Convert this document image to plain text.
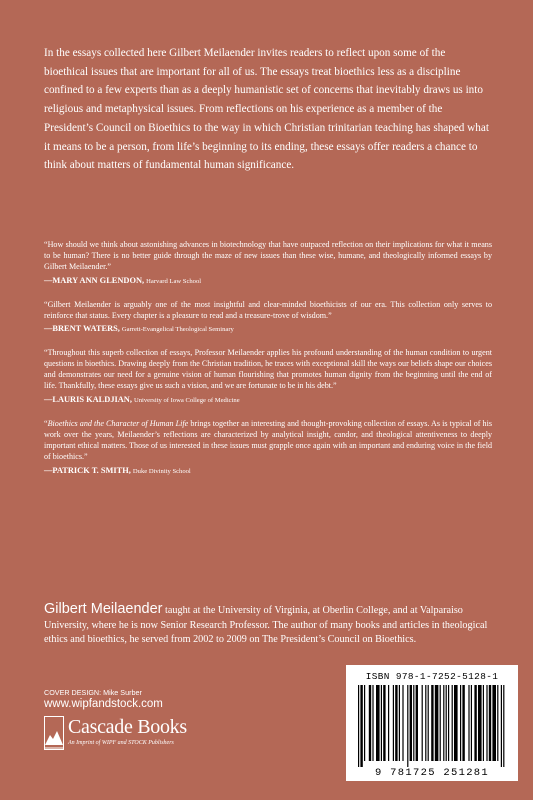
In the essays collected here Gilbert Meilaender invites readers to reflect upon some of the bioethical issues that are important for all of us. The essays treat bioethics less as a discipline confined to a few experts than as a deeply humanistic set of concerns that inevitably draws us into religious and metaphysical issues. From reflections on his experience as a member of the President’s Council on Bioethics to the way in which Christian trinitarian teaching has shaped what it means to be a person, from life’s beginning to its ending, these essays offer readers a chance to think about matters of fundamental human significance.

“How should we think about astonishing advances in biotechnology that have outpaced reflection on their implications for what it means to be human? There is no better guide through the maze of new issues than these wise, humane, and theologically informed essays by Gilbert Meilaender.”

—MARY ANN GLENDON, Harvard Law School

“Gilbert Meilaender is arguably one of the most insightful and clear-minded bioethicists of our era. This collection only serves to reinforce that status. Every chapter is a pleasure to read and a treasure-trove of wisdom.”

—BRENT WATERS, Garrett-Evangelical Theological Seminary

“Throughout this superb collection of essays, Professor Meilaender applies his profound understanding of the human condition to urgent questions in bioethics. Drawing deeply from the Christian tradition, he traces with exceptional skill the ways our beliefs shape our choices and demonstrates our need for a genuine vision of human flourishing that promotes human dignity from the beginning until the end of life. Thankfully, these essays give us such a vision, and we are fortunate to be in his debt.”

—LAURIS KALDJIAN, University of Iowa College of Medicine

“Bioethics and the Character of Human Life brings together an interesting and thought-provoking collection of essays. As is typical of his work over the years, Meilaender’s reflections are characterized by analytical insight, candor, and theological attentiveness to deeply important ethical matters. Those of us interested in these issues must grapple once again with an important and enduring voice in the field of bioethics.”

—PATRICK T. SMITH, Duke Divinity School
Gilbert Meilaender taught at the University of Virginia, at Oberlin College, and at Valparaiso University, where he is now Senior Research Professor. The author of many books and articles in theological ethics and bioethics, he served from 2002 to 2009 on The President’s Council on Bioethics.
COVER DESIGN: Mike Surber
www.wipfandstock.com
Cascade Books
An Imprint of WIPF and STOCK Publishers
ISBN 978-1-7252-5128-1
9 781725 251281
